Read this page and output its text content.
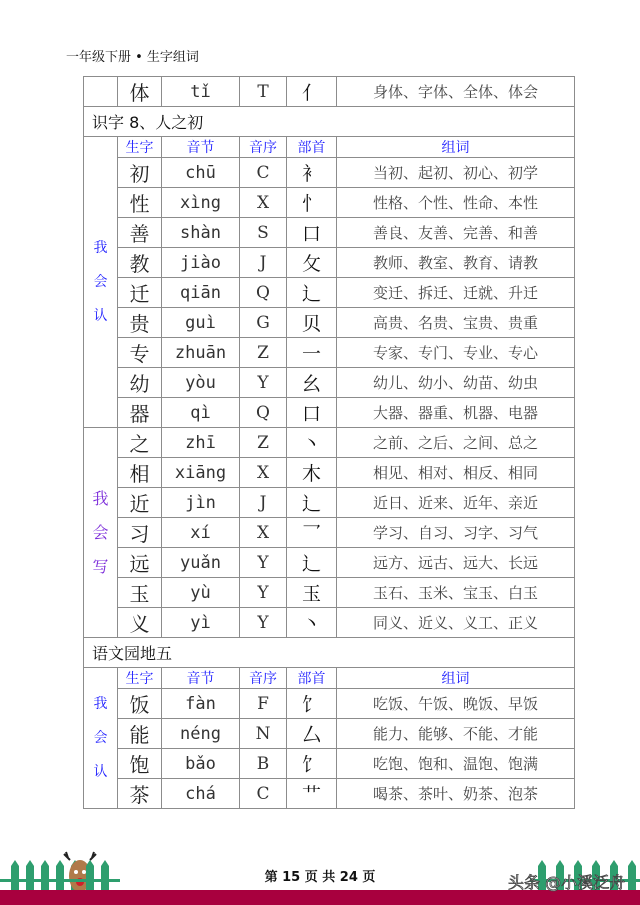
一年级下册 • 生字组词
	体	tǐ	T	亻	身体、字体、全体、体会
识字 8、人之初					

我
会
认	生字	音节	音序	部首	组词
	初	chū	C	衤	当初、起初、初心、初学
	性	xìng	X	忄	性格、个性、性命、本性
	善	shàn	S	口	善良、友善、完善、和善
	教	jiào	J	攵	教师、教室、教育、请教
	迁	qiān	Q	辶	变迁、拆迁、迁就、升迁
	贵	guì	G	贝	高贵、名贵、宝贵、贵重
	专	zhuān	Z	一	专家、专门、专业、专心
	幼	yòu	Y	幺	幼儿、幼小、幼苗、幼虫
	器	qì	Q	口	大器、器重、机器、电器

我
会
写	之	zhī	Z	丶	之前、之后、之间、总之
	相	xiāng	X	木	相见、相对、相反、相同
	近	jìn	J	辶	近日、近来、近年、亲近
	习	xí	X	乛	学习、自习、习字、习气
	远	yuǎn	Y	辶	远方、远古、远大、长远
	玉	yù	Y	玉	玉石、玉米、宝玉、白玉
	义	yì	Y	丶	同义、近义、义工、正义
语文园地五					

我
会
认	生字	音节	音序	部首	组词
	饭	fàn	F	饣	吃饭、午饭、晚饭、早饭
	能	néng	N	厶	能力、能够、不能、才能
	饱	bǎo	B	饣	吃饱、饱和、温饱、饱满
	茶	chá	C	艹	喝茶、茶叶、奶茶、泡茶
第 15 页 共 24 页	头条 @小溪泛舟
